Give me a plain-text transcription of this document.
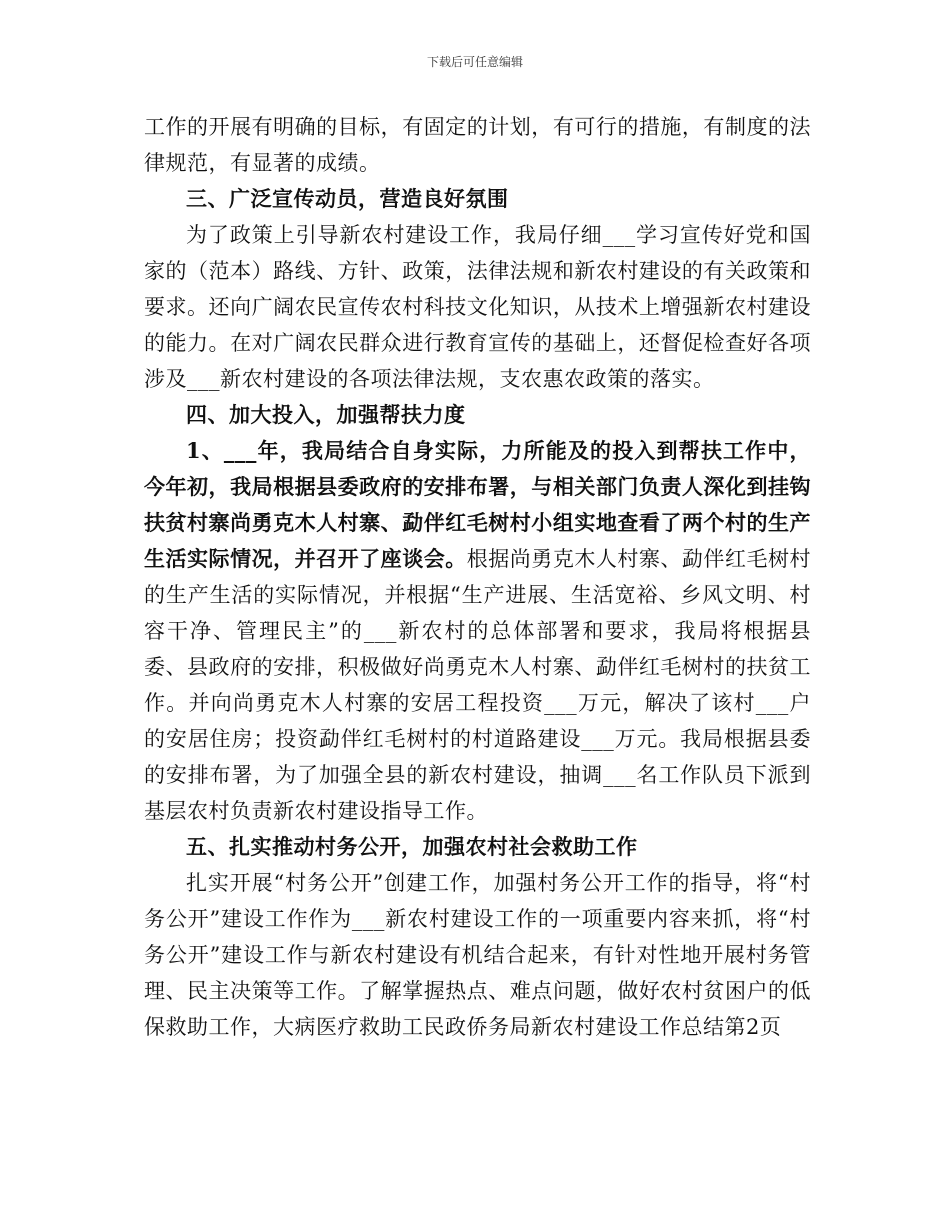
下载后可任意编辑

工作的开展有明确的目标，有固定的计划，有可行的措施，有制度的法律规范，有显著的成绩。

三、广泛宣传动员，营造良好氛围

为了政策上引导新农村建设工作，我局仔细___学习宣传好党和国家的（范本）路线、方针、政策，法律法规和新农村建设的有关政策和要求。还向广阔农民宣传农村科技文化知识，从技术上增强新农村建设的能力。在对广阔农民群众进行教育宣传的基础上，还督促检查好各项涉及___新农村建设的各项法律法规，支农惠农政策的落实。

四、加大投入，加强帮扶力度

1、___年，我局结合自身实际，力所能及的投入到帮扶工作中，今年初，我局根据县委政府的安排布署，与相关部门负责人深化到挂钩扶贫村寨尚勇克木人村寨、勐伴红毛树村小组实地查看了两个村的生产生活实际情况，并召开了座谈会。根据尚勇克木人村寨、勐伴红毛树村的生产生活的实际情况，并根据“生产进展、生活宽裕、乡风文明、村容干净、管理民主”的___新农村的总体部署和要求，我局将根据县委、县政府的安排，积极做好尚勇克木人村寨、勐伴红毛树村的扶贫工作。并向尚勇克木人村寨的安居工程投资___万元，解决了该村___户的安居住房；投资勐伴红毛树村的村道路建设___万元。我局根据县委的安排布署，为了加强全县的新农村建设，抽调___名工作队员下派到基层农村负责新农村建设指导工作。

五、扎实推动村务公开，加强农村社会救助工作

扎实开展“村务公开”创建工作，加强村务公开工作的指导，将“村务公开”建设工作作为___新农村建设工作的一项重要内容来抓，将“村务公开”建设工作与新农村建设有机结合起来，有针对性地开展村务管理、民主决策等工作。了解掌握热点、难点问题，做好农村贫困户的低保救助工作，大病医疗救助工民政侨务局新农村建设工作总结第2页
